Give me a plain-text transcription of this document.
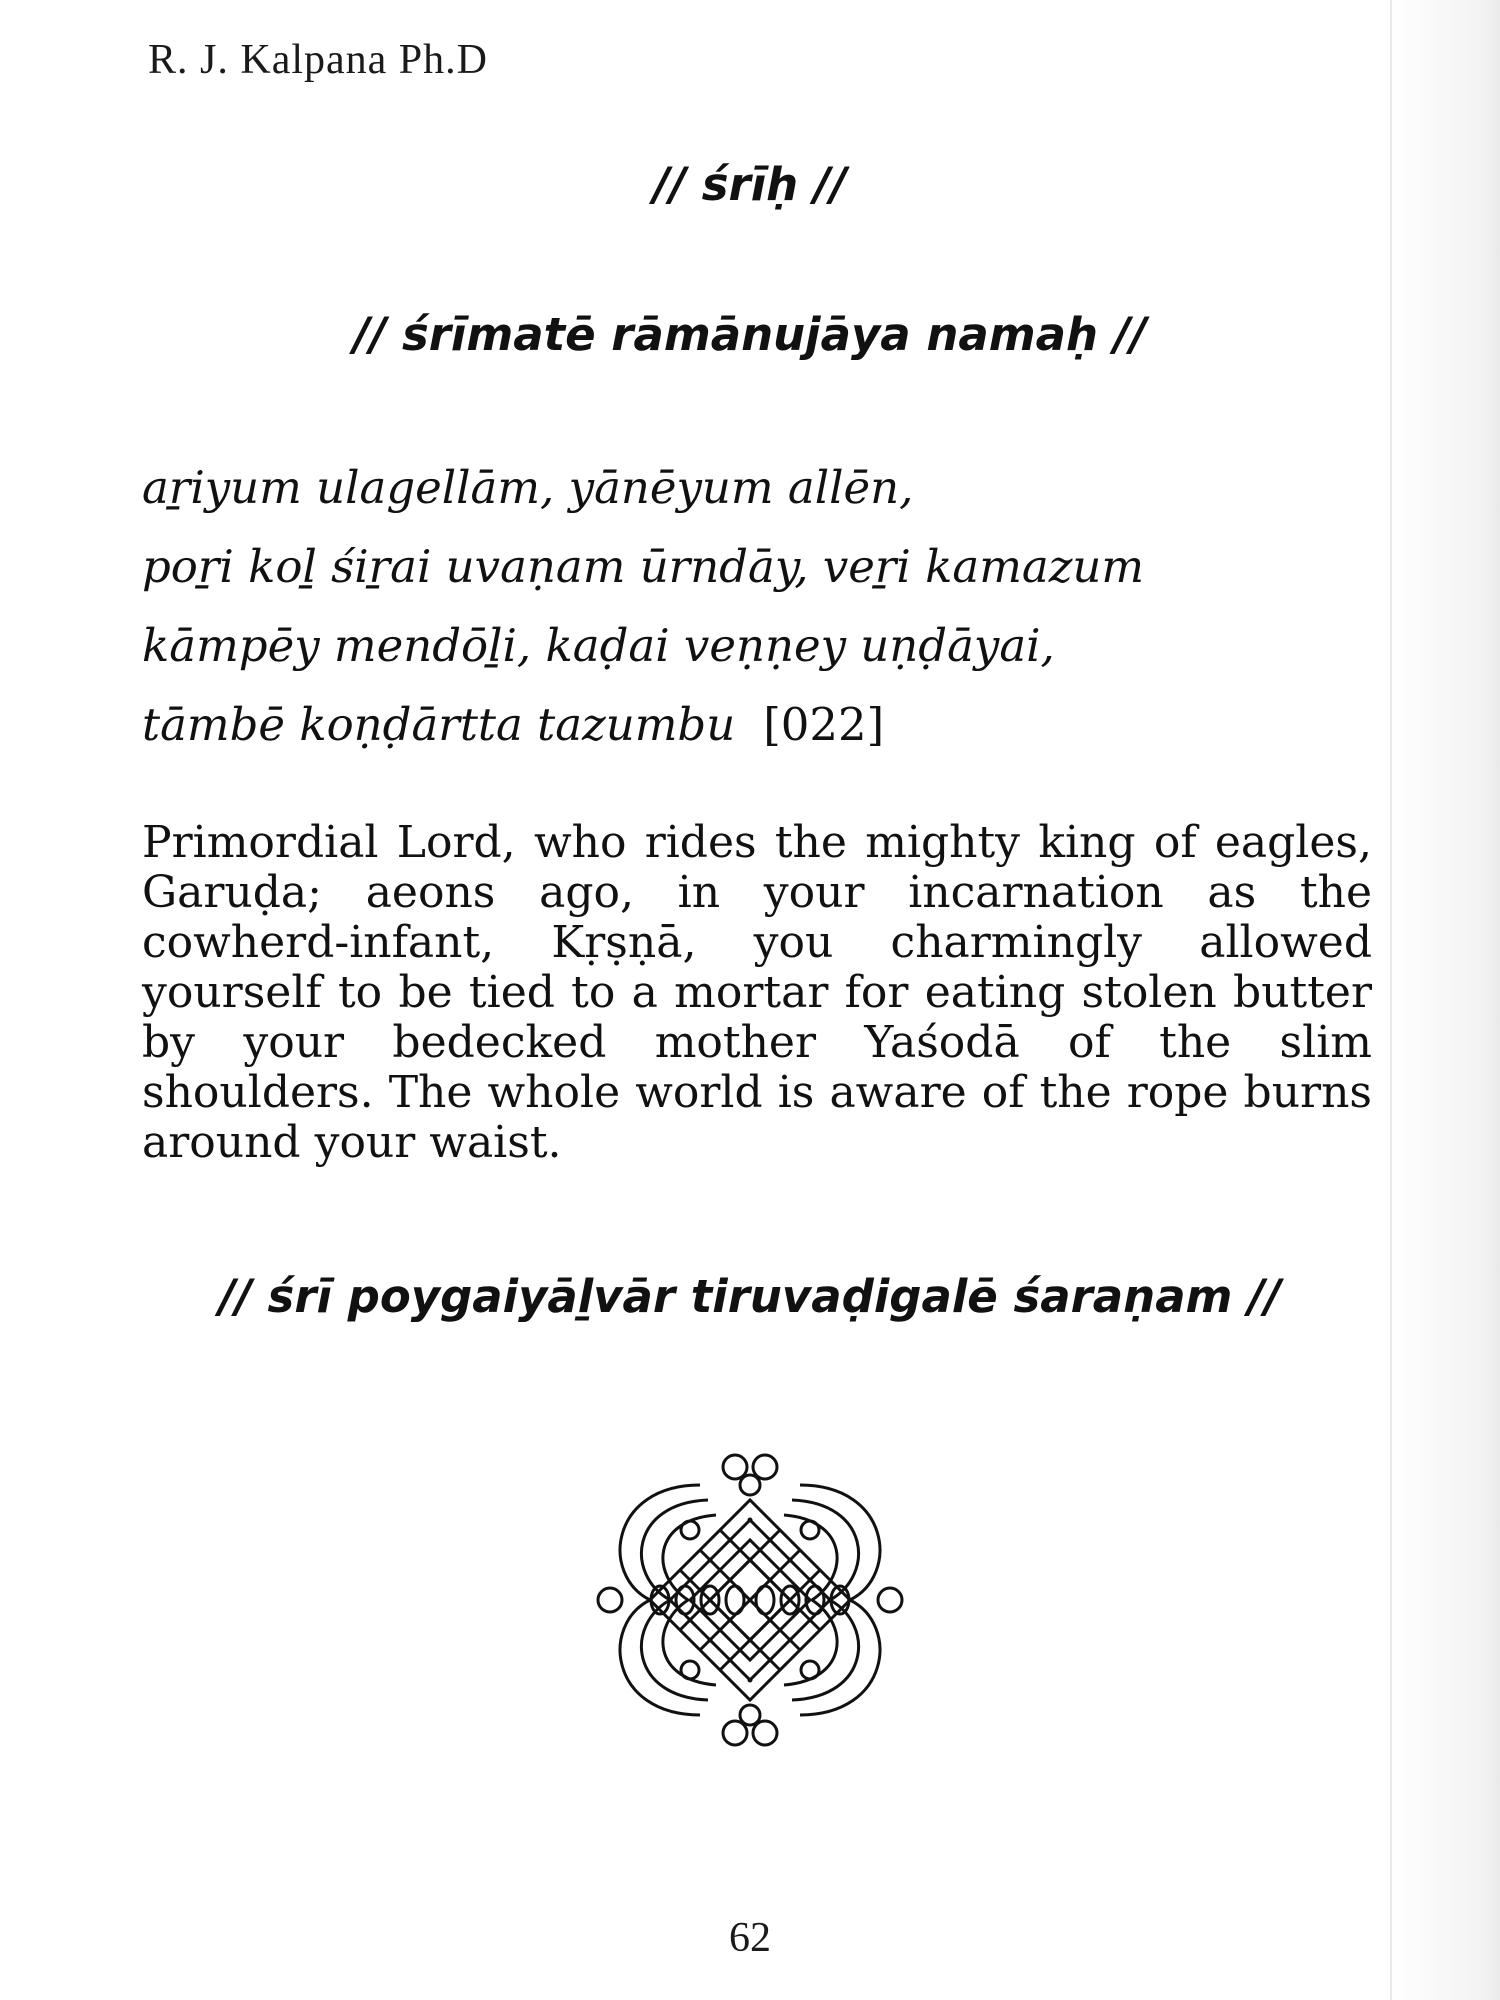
R. J. Kalpana Ph.D
// śrīḥ //
// śrīmatē rāmānujāya namaḥ //
aṟiyum ulagellām, yānēyum allēn,
poṟi koḻ śiṟai uvaṇam ūrndāy, veṟi kamazum
kāmpēy mendōḻi, kaḍai veṇṇey uṇḍāyai,
tāmbē koṇḍārtta tazumbu [022]
Primordial Lord, who rides the mighty king of eagles, Garuḍa; aeons ago, in your incarnation as the cowherd-infant, Kṛṣṇā, you charmingly allowed yourself to be tied to a mortar for eating stolen butter by your bedecked mother Yaśodā of the slim shoulders. The whole world is aware of the rope burns around your waist.
// śrī poygaiyāḻvār tiruvaḍigalē śaraṇam //
62
